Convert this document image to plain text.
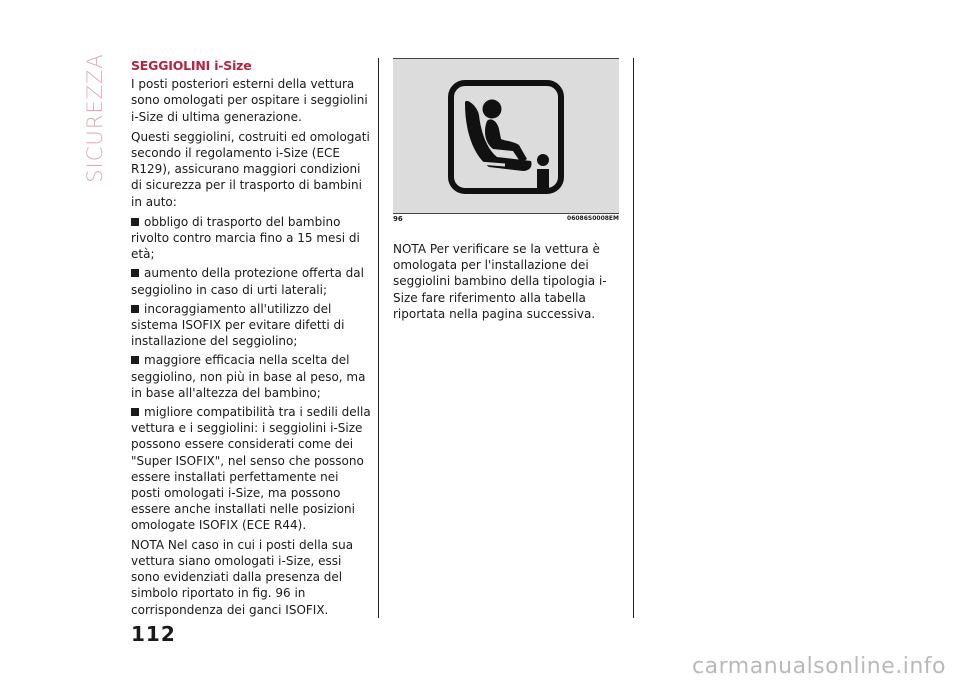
SICUREZZA SEGGIOLINI i-Size

I posti posteriori esterni della vettura sono omologati per ospitare i seggiolini i-Size di ultima generazione.

Questi seggiolini, costruiti ed omologati secondo il regolamento i-Size (ECE R129), assicurano maggiori condizioni di sicurezza per il trasporto di bambini in auto:

obbligo di trasporto del bambino rivolto contro marcia fino a 15 mesi di età;
aumento della protezione offerta dal seggiolino in caso di urti laterali;
incoraggiamento all'utilizzo del sistema ISOFIX per evitare difetti di installazione del seggiolino;
maggiore efficacia nella scelta del seggiolino, non più in base al peso, ma in base all'altezza del bambino;
migliore compatibilità tra i sedili della vettura e i seggiolini: i seggiolini i-Size possono essere considerati come dei "Super ISOFIX", nel senso che possono essere installati perfettamente nei posti omologati i-Size, ma possono essere anche installati nelle posizioni omologate ISOFIX (ECE R44).

NOTA Nel caso in cui i posti della sua vettura siano omologati i-Size, essi sono evidenziati dalla presenza del simbolo riportato in fig. 96 in corrispondenza dei ganci ISOFIX.

96	06086S0008EM

NOTA Per verificare se la vettura è omologata per l'installazione dei seggiolini bambino della tipologia i-Size fare riferimento alla tabella riportata nella pagina successiva.

112
carmanualsonline.info
